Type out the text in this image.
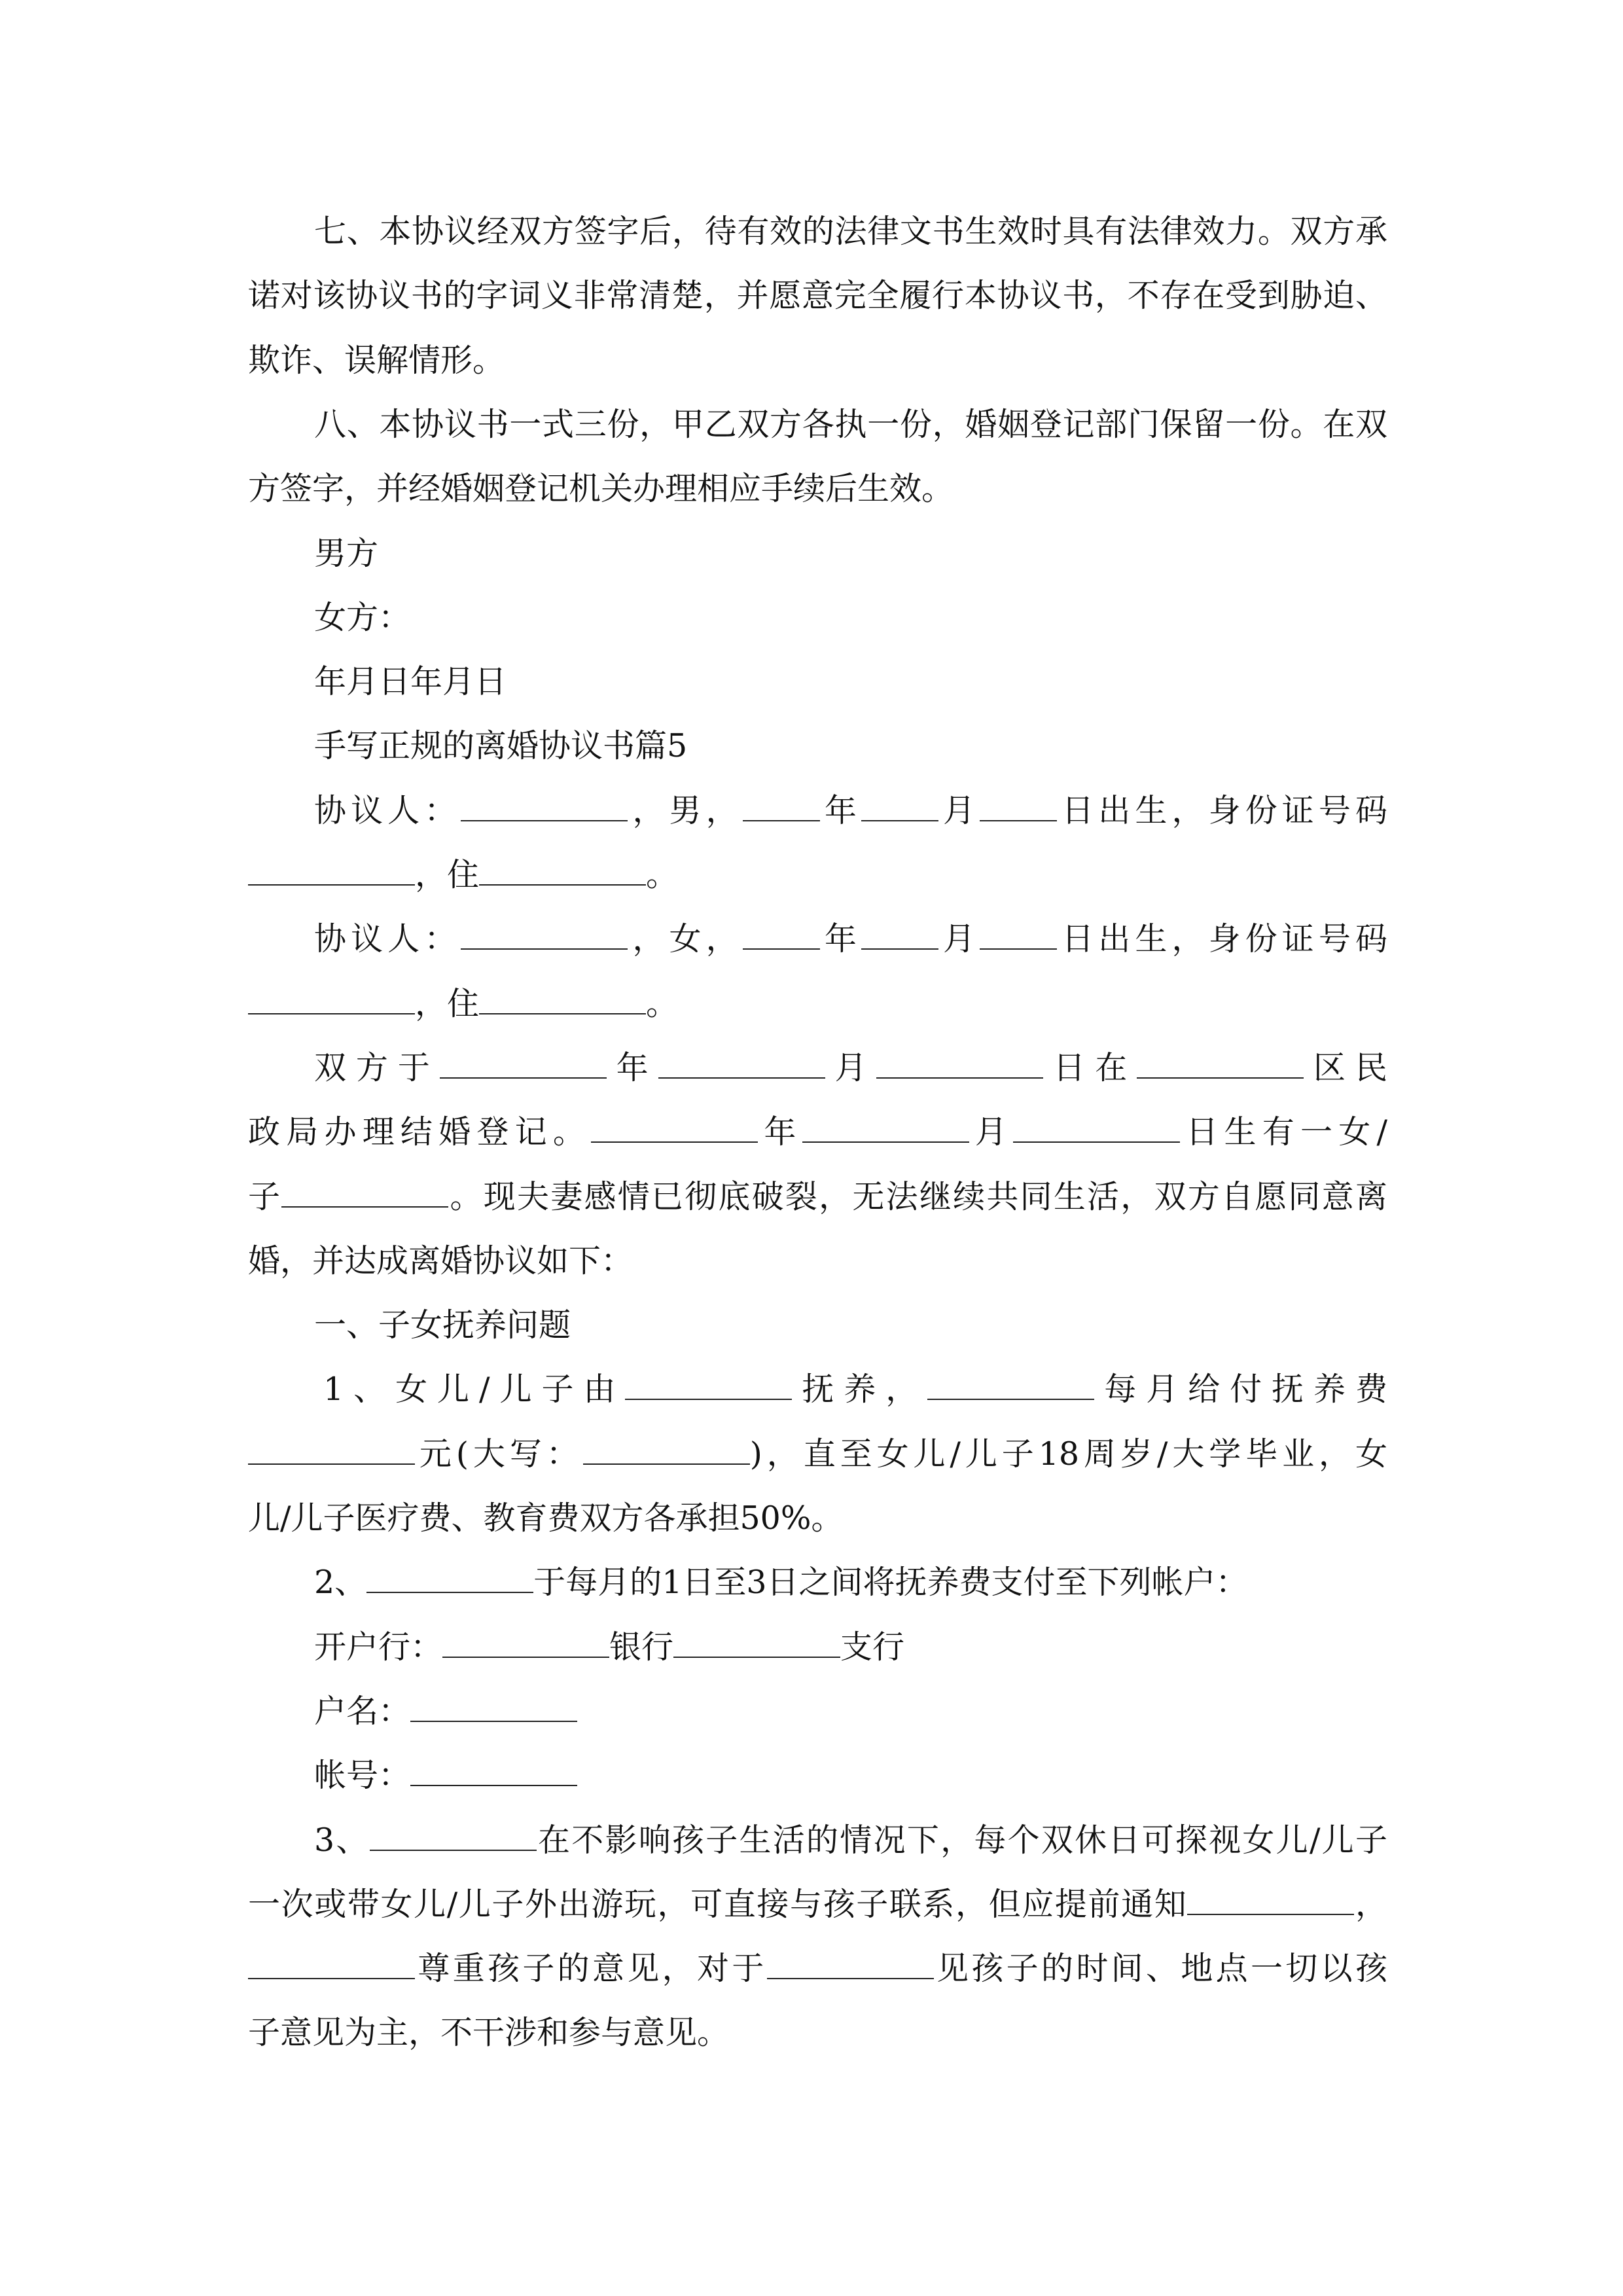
七、本协议经双方签字后，待有效的法律文书生效时具有法律效力。双方承
诺对该协议书的字词义非常清楚，并愿意完全履行本协议书，不存在受到胁迫、
欺诈、误解情形。
八、本协议书一式三份，甲乙双方各执一份，婚姻登记部门保留一份。在双
方签字，并经婚姻登记机关办理相应手续后生效。
男方
女方：
年月日年月日
手写正规的离婚协议书篇5
协议人：	，男， 年 月 日出生，身份证号码
，住	。
协议人：	，女， 年 月 日出生，身份证号码
，住	。
双方于	年	月	日在	区民
政局办理结婚登记。	年	月	日生有一女/
子	。现夫妻感情已彻底破裂，无法继续共同生活，双方自愿同意离
婚，并达成离婚协议如下：
一、子女抚养问题
1、女儿/儿子由	抚养，	每月给付抚养费
元(大写：	)，直至女儿/儿子18周岁/大学毕业，女
儿/儿子医疗费、教育费双方各承担50%。
2、	于每月的1日至3日之间将抚养费支付至下列帐户：
开户行：	银行	支行
户名：
帐号：
3、	在不影响孩子生活的情况下，每个双休日可探视女儿/儿子
一次或带女儿/儿子外出游玩，可直接与孩子联系，但应提前通知	，
尊重孩子的意见，对于	见孩子的时间、地点一切以孩
子意见为主，不干涉和参与意见。
